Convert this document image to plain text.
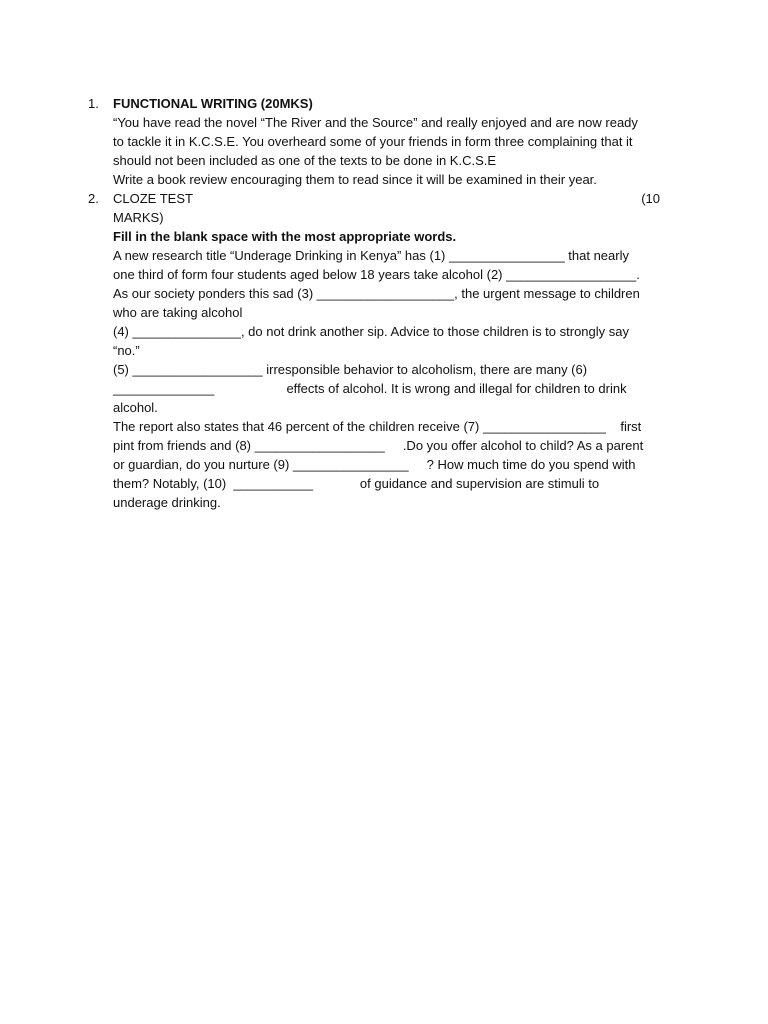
1.	FUNCTIONAL WRITING (20MKS)
“You have read the novel “The River and the Source” and really enjoyed and are now ready
to tackle it in K.C.S.E. You overheard some of your friends in form three complaining that it
should not been included as one of the texts to be done in K.C.S.E
Write a book review encouraging them to read since it will be examined in their year.
2.	CLOZE TEST	(10
MARKS)
Fill in the blank space with the most appropriate words.
A new research title “Underage Drinking in Kenya” has (1) ________________ that nearly
one third of form four students aged below 18 years take alcohol (2) __________________.
As our society ponders this sad (3) ___________________, the urgent message to children
who are taking alcohol
(4) _______________, do not drink another sip. Advice to those children is to strongly say
“no.”
(5) __________________ irresponsible behavior to alcoholism, there are many (6)
______________                    effects of alcohol. It is wrong and illegal for children to drink
alcohol.
The report also states that 46 percent of the children receive (7) _________________    first
pint from friends and (8) __________________     .Do you offer alcohol to child? As a parent
or guardian, do you nurture (9) ________________     ? How much time do you spend with
them? Notably, (10)  ___________             of guidance and supervision are stimuli to
underage drinking.
